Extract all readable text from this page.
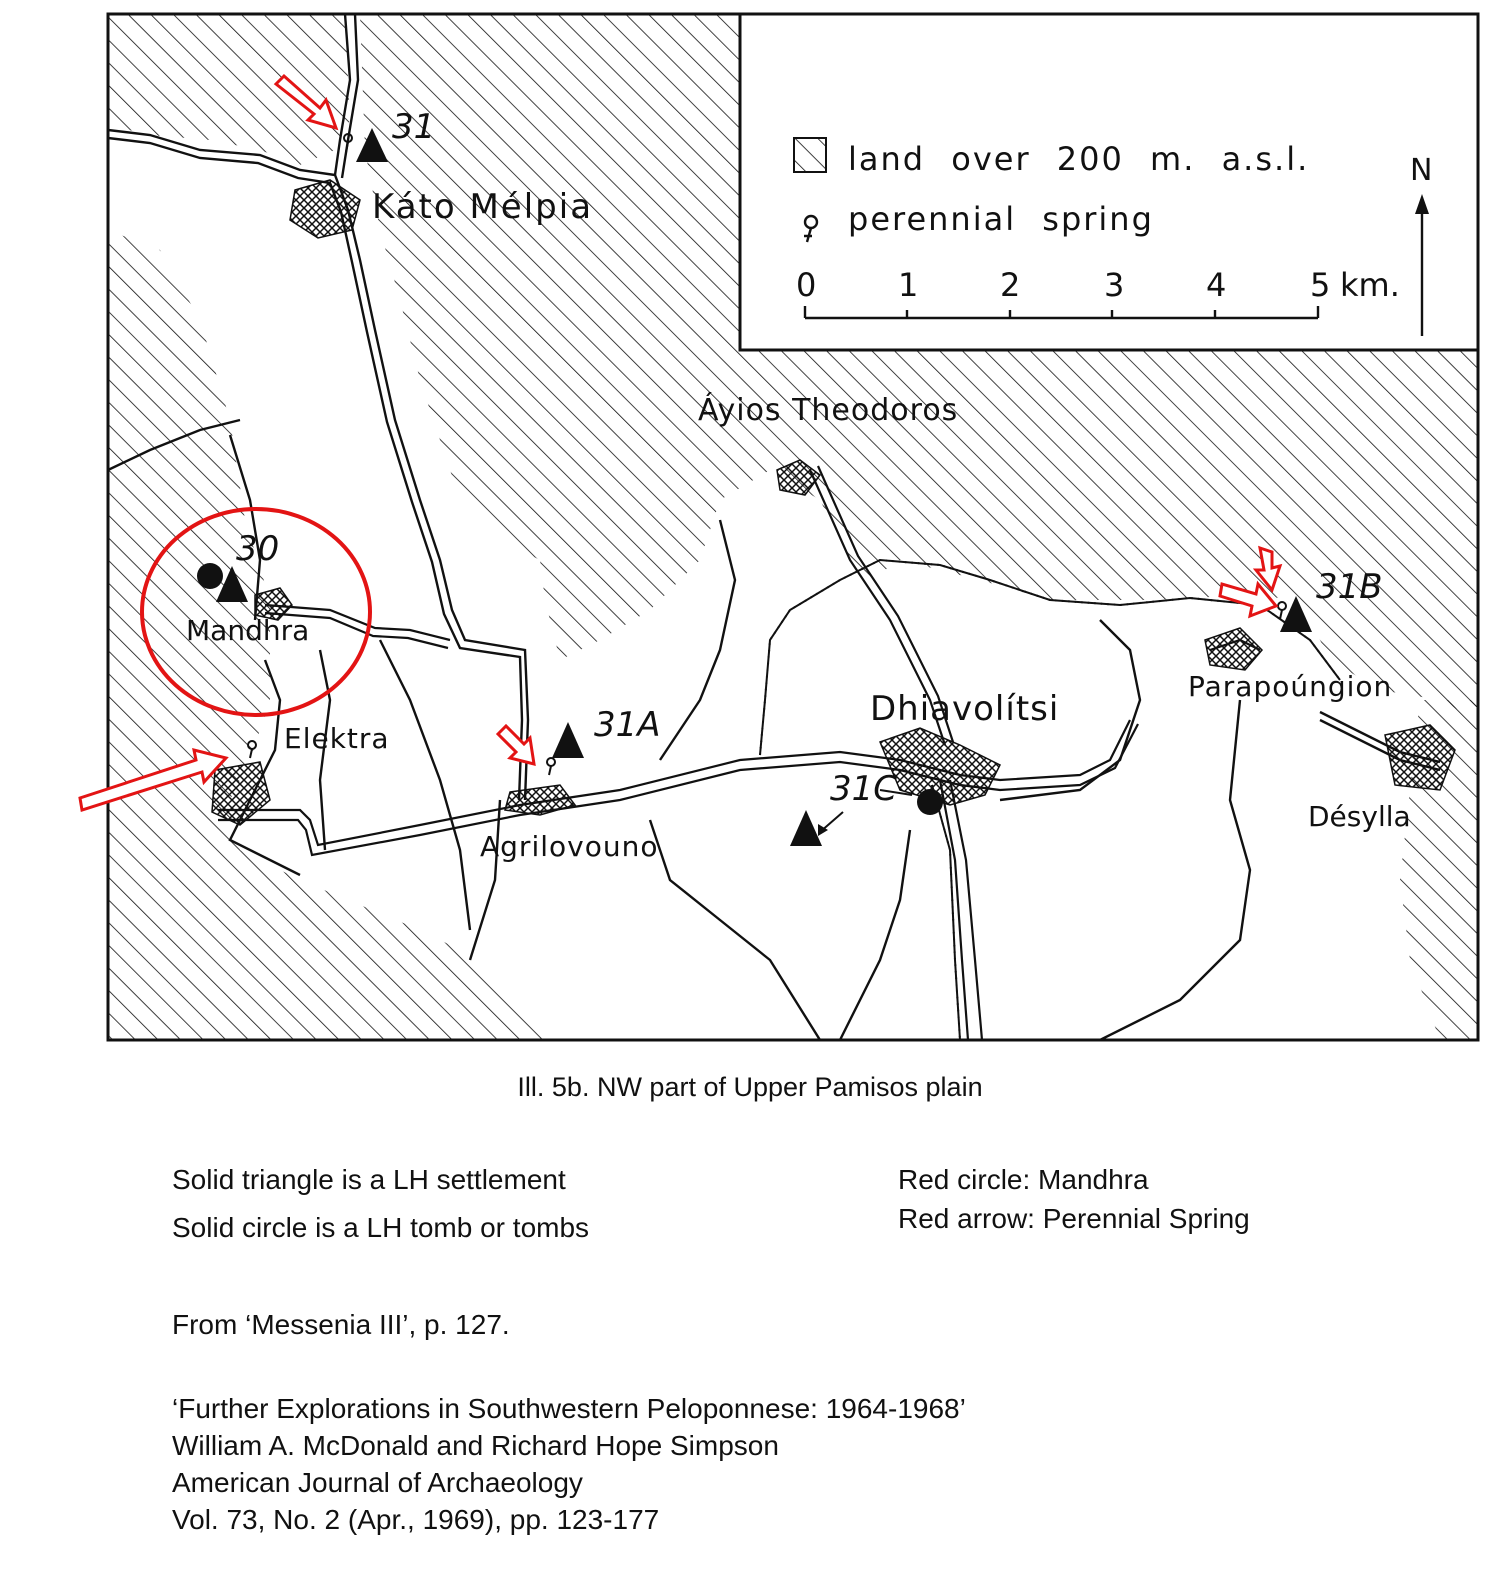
Káto Mélpia
Áyios Theodoros
Mandhra
Elektra
Agrilovouno
Dhiavolítsi
Parapoúngion
Désylla
31
30
31A
31B
31C
land over 200 m. a.s.l.
perennial spring
0	1	2	3	4	5 km.
N
Ill. 5b. NW part of Upper Pamisos plain
Solid triangle is a LH settlement
Solid circle is a LH tomb or tombs
Red circle: Mandhra
Red arrow: Perennial Spring
From ‘Messenia III’, p. 127.
‘Further Explorations in Southwestern Peloponnese: 1964-1968’
William A. McDonald and Richard Hope Simpson
American Journal of Archaeology
Vol. 73, No. 2 (Apr., 1969), pp. 123-177
